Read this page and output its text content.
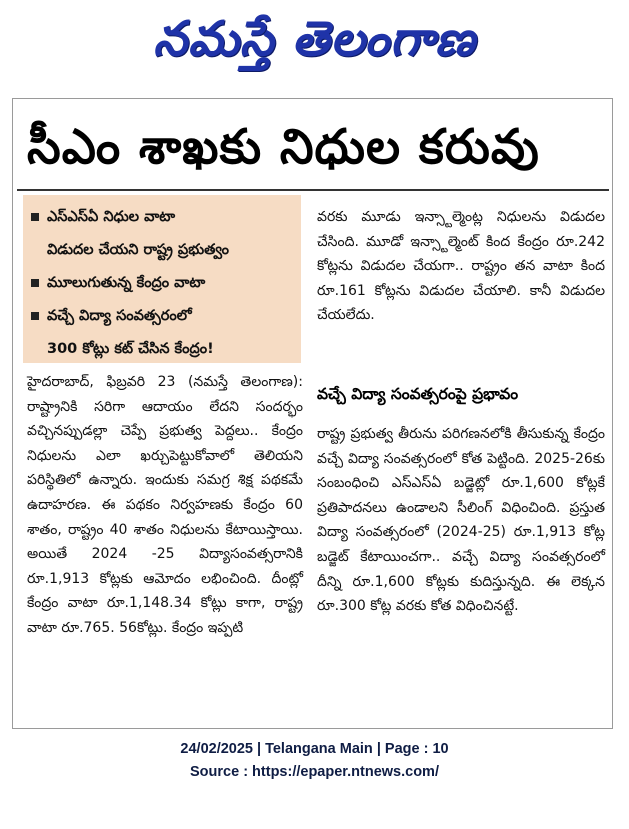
నమస్తే తెలంగాణ
సీఎం శాఖకు నిధుల కరువు
ఎస్ఎస్ఏ నిధుల వాటా
విడుదల చేయని రాష్ట్ర ప్రభుత్వం
మూలుగుతున్న కేంద్రం వాటా
వచ్చే విద్యా సంవత్సరంలో
300 కోట్లు కట్ చేసిన కేంద్రం!

హైదరాబాద్, ఫిబ్రవరి 23 (నమస్తే తెలంగాణ): రాష్ట్రానికి సరిగా ఆదాయం లేదని సందర్భం వచ్చినప్పుడల్లా చెప్పే ప్రభుత్వ పెద్దలు.. కేంద్రం నిధులను ఎలా ఖర్చుపెట్టుకోవాలో తెలియని పరిస్థితిలో ఉన్నారు. ఇందుకు సమగ్ర శిక్ష పథకమే ఉదాహరణ. ఈ పథకం నిర్వహణకు కేంద్రం 60 శాతం, రాష్ట్రం 40 శాతం నిధులను కేటాయిస్తాయి. అయితే 2024 -25 విద్యాసంవత్సరానికి రూ.1,913 కోట్లకు ఆమోదం లభించింది. దీంట్లో కేంద్రం వాటా రూ.1,148.34 కోట్లు కాగా, రాష్ట్ర వాటా రూ.765. 56కోట్లు. కేంద్రం ఇప్పటి

వరకు మూడు ఇన్స్టాల్మెంట్ల నిధులను విడుదల చేసింది. మూడో ఇన్స్టాల్మెంట్ కింద కేంద్రం రూ.242 కోట్లను విడుదల చేయగా.. రాష్ట్రం తన వాటా కింద రూ.161 కోట్లను విడుదల చేయాలి. కానీ విడుదల చేయలేదు.

వచ్చే విద్యా సంవత్సరంపై ప్రభావం

రాష్ట్ర ప్రభుత్వ తీరును పరిగణనలోకి తీసుకున్న కేంద్రం వచ్చే విద్యా సంవత్సరంలో కోత పెట్టింది. 2025-26కు సంబంధించి ఎస్ఎస్ఏ బడ్జెట్లో రూ.1,600 కోట్లకే ప్రతిపాదనలు ఉండాలని సీలింగ్ విధించింది. ప్రస్తుత విద్యా సంవత్సరంలో (2024-25) రూ.1,913 కోట్ల బడ్జెట్ కేటాయించగా.. వచ్చే విద్యా సంవత్సరంలో దీన్ని రూ.1,600 కోట్లకు కుదిస్తున్నది. ఈ లెక్కన రూ.300 కోట్ల వరకు కోత విధించినట్టే.

24/02/2025 | Telangana Main | Page : 10
Source : https://epaper.ntnews.com/
